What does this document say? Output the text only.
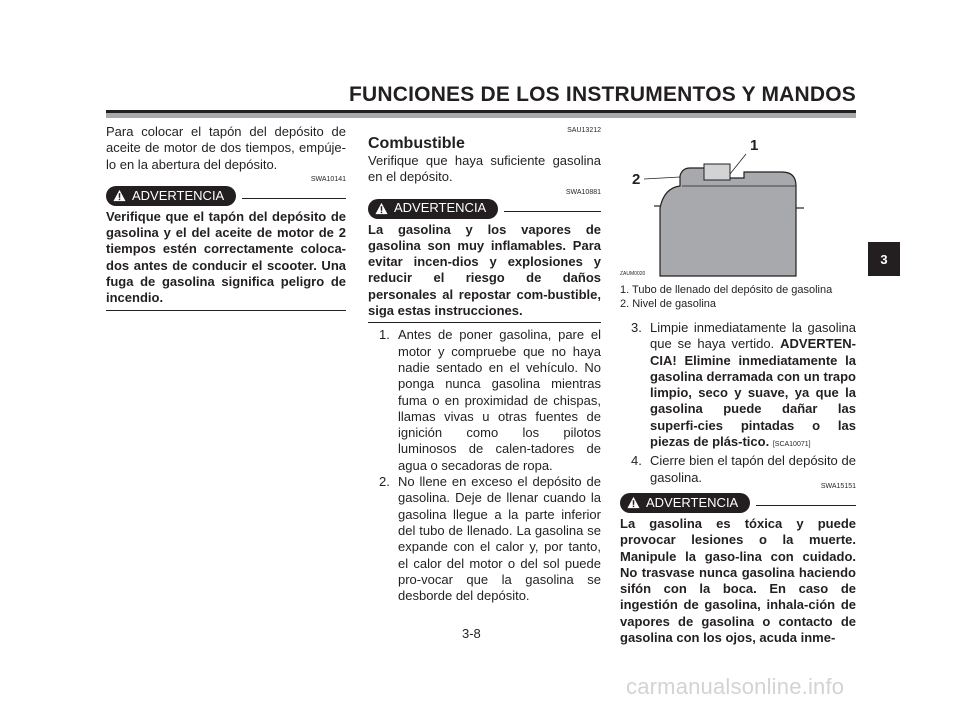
FUNCIONES DE LOS INSTRUMENTOS Y MANDOS
3

Para colocar el tapón del depósito de aceite de motor de dos tiempos, empúje-lo en la abertura del depósito.

SWA10141
ADVERTENCIA

Verifique que el tapón del depósito de gasolina y el del aceite de motor de 2 tiempos estén correctamente coloca-dos antes de conducir el scooter. Una fuga de gasolina significa peligro de incendio.

SAU13212
Combustible

Verifique que haya suficiente gasolina en el depósito.

SWA10881
ADVERTENCIA

La gasolina y los vapores de gasolina son muy inflamables. Para evitar incen-dios y explosiones y reducir el riesgo de daños personales al repostar com-bustible, siga estas instrucciones.

1. Antes de poner gasolina, pare el motor y compruebe que no haya nadie sentado en el vehículo. No ponga nunca gasolina mientras fuma o en proximidad de chispas, llamas vivas u otras fuentes de ignición como los pilotos luminosos de calen-tadores de agua o secadoras de ropa.
2. No llene en exceso el depósito de gasolina. Deje de llenar cuando la gasolina llegue a la parte inferior del tubo de llenado. La gasolina se expande con el calor y, por tanto, el calor del motor o del sol puede pro-vocar que la gasolina se desborde del depósito.
1
2
ZAUM0020
1. Tubo de llenado del depósito de gasolina
2. Nivel de gasolina
3. Limpie inmediatamente la gasolina que se haya vertido. ADVERTEN-CIA! Elimine inmediatamente la gasolina derramada con un trapo limpio, seco y suave, ya que la gasolina puede dañar las superfi-cies pintadas o las piezas de plás-tico. [SCA10071]
4. Cierre bien el tapón del depósito de gasolina.
SWA15151
ADVERTENCIA

La gasolina es tóxica y puede provocar lesiones o la muerte. Manipule la gaso-lina con cuidado. No trasvase nunca gasolina haciendo sifón con la boca. En caso de ingestión de gasolina, inhala-ción de vapores de gasolina o contacto de gasolina con los ojos, acuda inme-

3-8
carmanualsonline.info
